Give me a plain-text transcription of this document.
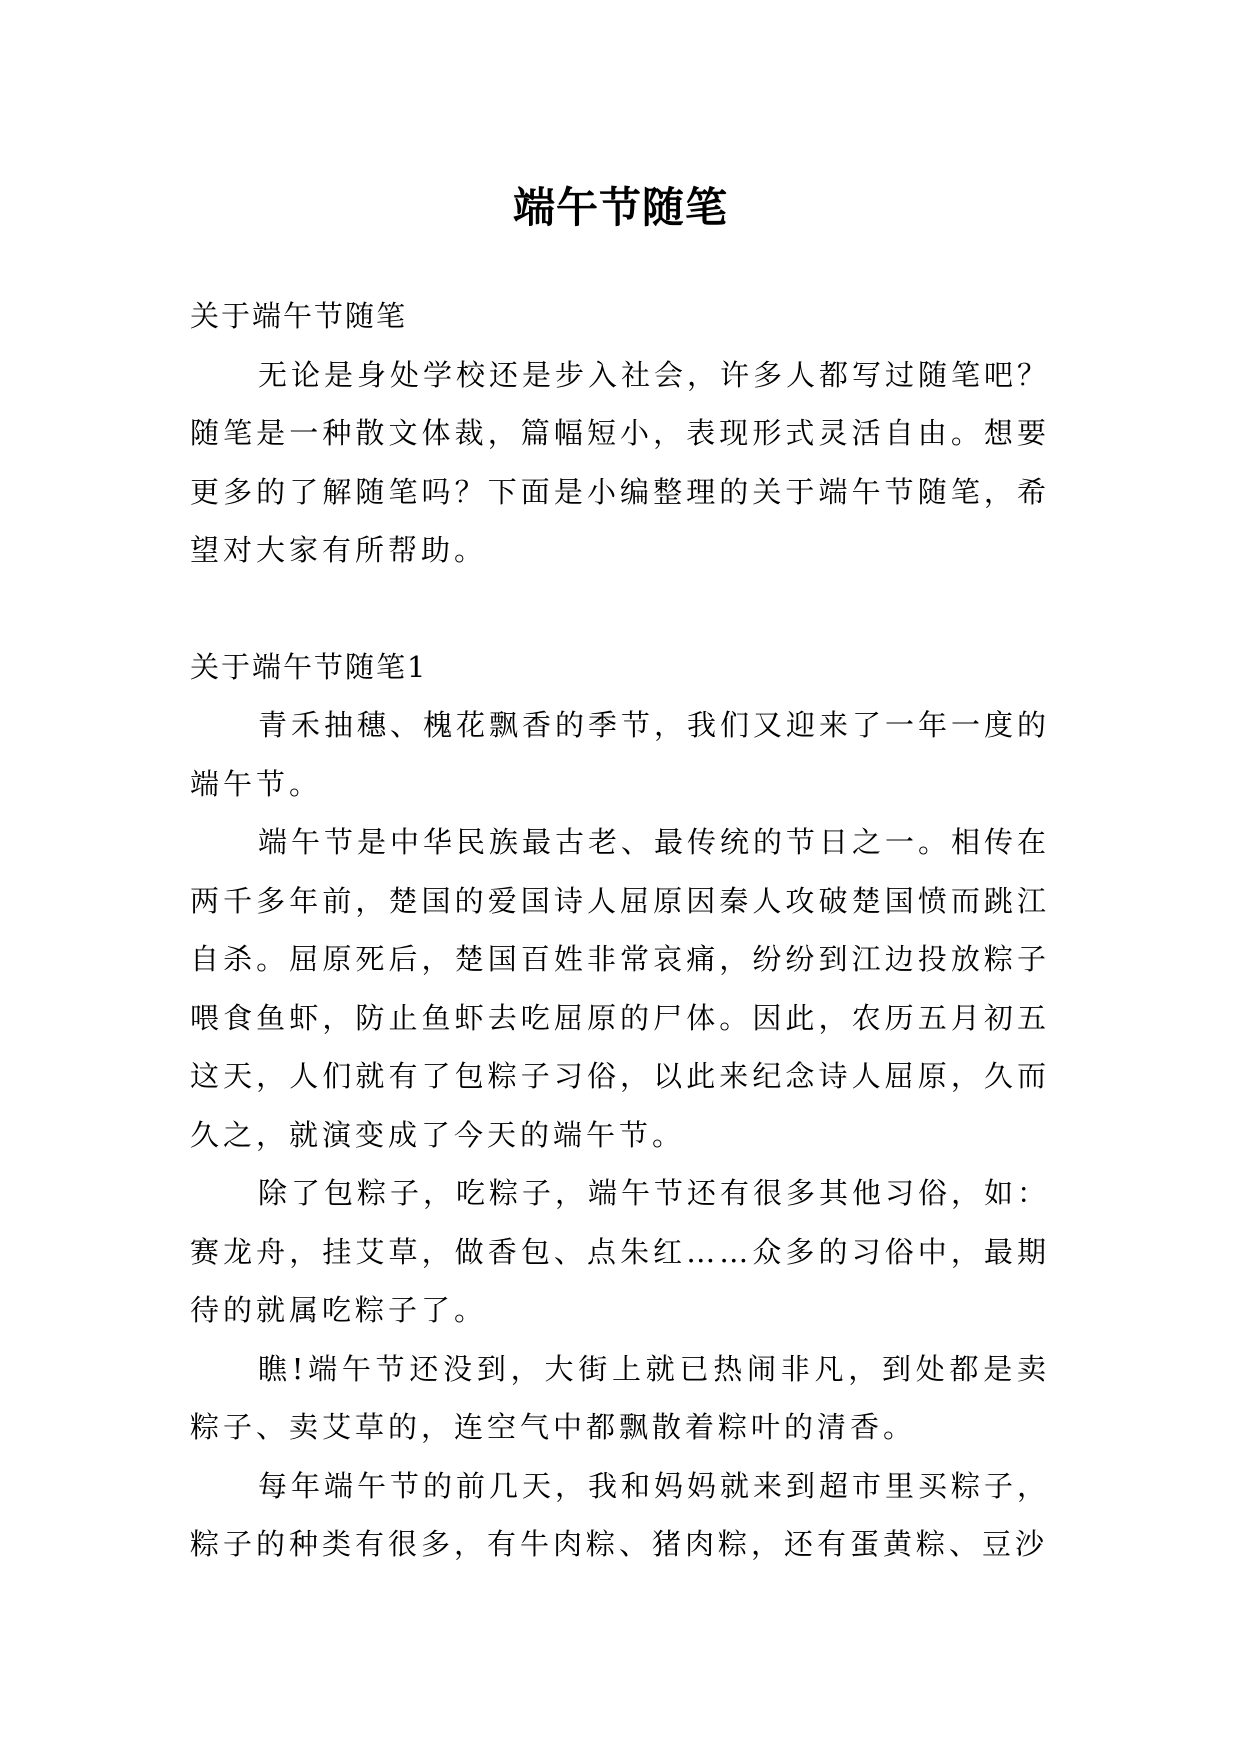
端午节随笔

关于端午节随笔

无论是身处学校还是步入社会，许多人都写过随笔吧？随笔是一种散文体裁，篇幅短小，表现形式灵活自由。想要更多的了解随笔吗？下面是小编整理的关于端午节随笔，希望对大家有所帮助。

关于端午节随笔1

青禾抽穗、槐花飘香的季节，我们又迎来了一年一度的端午节。

端午节是中华民族最古老、最传统的节日之一。相传在两千多年前，楚国的爱国诗人屈原因秦人攻破楚国愤而跳江自杀。屈原死后，楚国百姓非常哀痛，纷纷到江边投放粽子喂食鱼虾，防止鱼虾去吃屈原的尸体。因此，农历五月初五这天，人们就有了包粽子习俗，以此来纪念诗人屈原，久而久之，就演变成了今天的端午节。

除了包粽子，吃粽子，端午节还有很多其他习俗，如：赛龙舟，挂艾草，做香包、点朱红……众多的习俗中，最期待的就属吃粽子了。

瞧!端午节还没到，大街上就已热闹非凡，到处都是卖粽子、卖艾草的，连空气中都飘散着粽叶的清香。

每年端午节的前几天，我和妈妈就来到超市里买粽子，粽子的种类有很多，有牛肉粽、猪肉粽，还有蛋黄粽、豆沙
